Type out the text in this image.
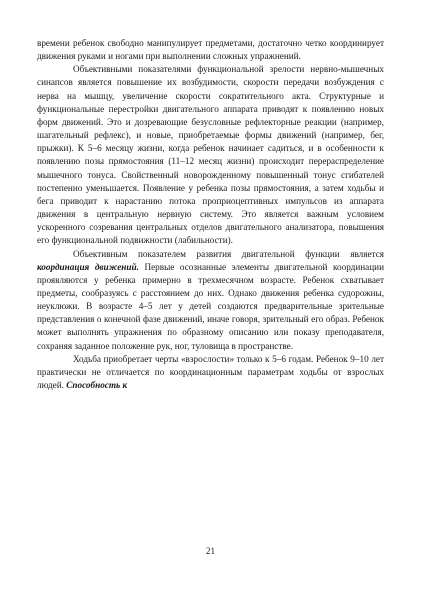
времени ребенок свободно манипулирует предметами, достаточно четко координирует движения руками и ногами при выполнении сложных упражнений.

Объективными показателями функциональной зрелости нервно-мышечных синапсов является повышение их возбудимости, скорости передачи возбуждения с нерва на мышцу, увеличение скорости сократительного акта. Структурные и функциональные перестройки двигательного аппарата приводят к появлению новых форм движений. Это и дозревающие безусловные рефлекторные реакции (например, шагательный рефлекс), и новые, приобретаемые формы движений (например, бег, прыжки). К 5–6 месяцу жизни, когда ребенок начинает садиться, и в особенности к появлению позы прямостояния (11–12 месяц жизни) происходит перераспределение мышечного тонуса. Свойственный новорожденному повышенный тонус сгибателей постепенно уменьшается. Появление у ребенка позы прямостояния, а затем ходьбы и бега приводит к нарастанию потока проприоцептивных импульсов из аппарата движения в центральную нервную систему. Это является важным условием ускоренного созревания центральных отделов двигательного анализатора, повышения его функциональной подвижности (лабильности).

Объективным показателем развития двигательной функции является координация движений. Первые осознанные элементы двигательной координации проявляются у ребенка примерно в трехмесячном возрасте. Ребенок схватывает предметы, сообразуясь с расстоянием до них. Однако движения ребенка судорожны, неуклюжи. В возрасте 4–5 лет у детей создаются предварительные зрительные представления о конечной фазе движений, иначе говоря, зрительный его образ. Ребенок может выполнять упражнения по образному описанию или показу преподавателя, сохраняя заданное положение рук, ног, туловища в пространстве.

Ходьба приобретает черты «взрослости» только к 5–6 годам. Ребенок 9–10 лет практически не отличается по координационным параметрам ходьбы от взрослых людей. Способность к

21
